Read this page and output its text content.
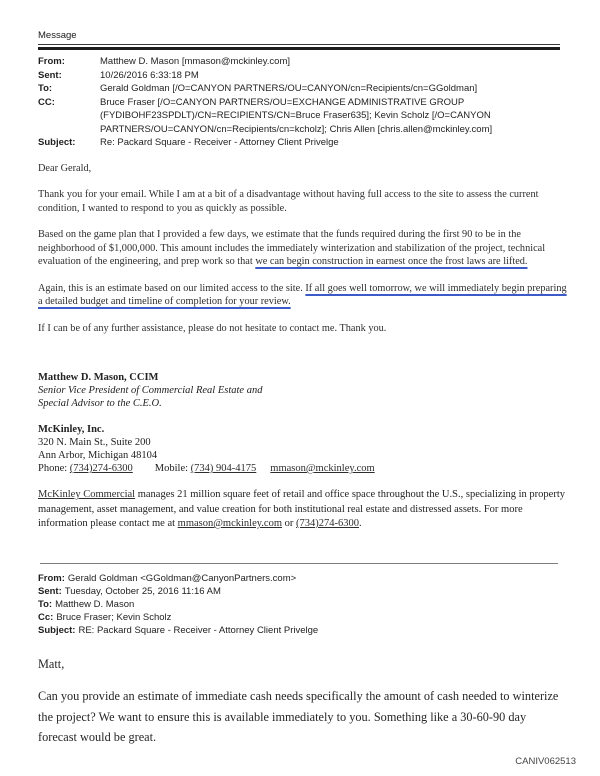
Message
From:	Matthew D. Mason [mmason@mckinley.com]
Sent:	10/26/2016 6:33:18 PM
To:	Gerald Goldman [/O=CANYON PARTNERS/OU=CANYON/cn=Recipients/cn=GGoldman]
CC:	Bruce Fraser [/O=CANYON PARTNERS/OU=EXCHANGE ADMINISTRATIVE GROUP (FYDIBOHF23SPDLT)/CN=RECIPIENTS/CN=Bruce Fraser635]; Kevin Scholz [/O=CANYON PARTNERS/OU=CANYON/cn=Recipients/cn=kcholz]; Chris Allen [chris.allen@mckinley.com]
Subject:	Re: Packard Square - Receiver - Attorney Client Privelge

Dear Gerald,

Thank you for your email. While I am at a bit of a disadvantage without having full access to the site to assess the current condition, I wanted to respond to you as quickly as possible.

Based on the game plan that I provided a few days, we estimate that the funds required during the first 90 to be in the neighborhood of $1,000,000. This amount includes the immediately winterization and stabilization of the project, technical evaluation of the engineering, and prep work so that we can begin construction in earnest once the frost laws are lifted.

Again, this is an estimate based on our limited access to the site. If all goes well tomorrow, we will immediately begin preparing a detailed budget and timeline of completion for your review.

If I can be of any further assistance, please do not hesitate to contact me. Thank you.

Matthew D. Mason, CCIM
Senior Vice President of Commercial Real Estate and
Special Advisor to the C.E.O.
McKinley, Inc.
320 N. Main St., Suite 200
Ann Arbor, Michigan 48104
Phone: (734)274-6300 Mobile: (734) 904-4175 mmason@mckinley.com
McKinley Commercial manages 21 million square feet of retail and office space throughout the U.S., specializing in property management, asset management, and value creation for both institutional real estate and distressed assets. For more information please contact me at mmason@mckinley.com or (734)274-6300.
From: Gerald Goldman <GGoldman@CanyonPartners.com>
Sent: Tuesday, October 25, 2016 11:16 AM
To: Matthew D. Mason
Cc: Bruce Fraser; Kevin Scholz
Subject: RE: Packard Square - Receiver - Attorney Client Privelge
Matt,
Can you provide an estimate of immediate cash needs specifically the amount of cash needed to winterize the project? We want to ensure this is available immediately to you. Something like a 30-60-90 day forecast would be great.
CANIV062513
